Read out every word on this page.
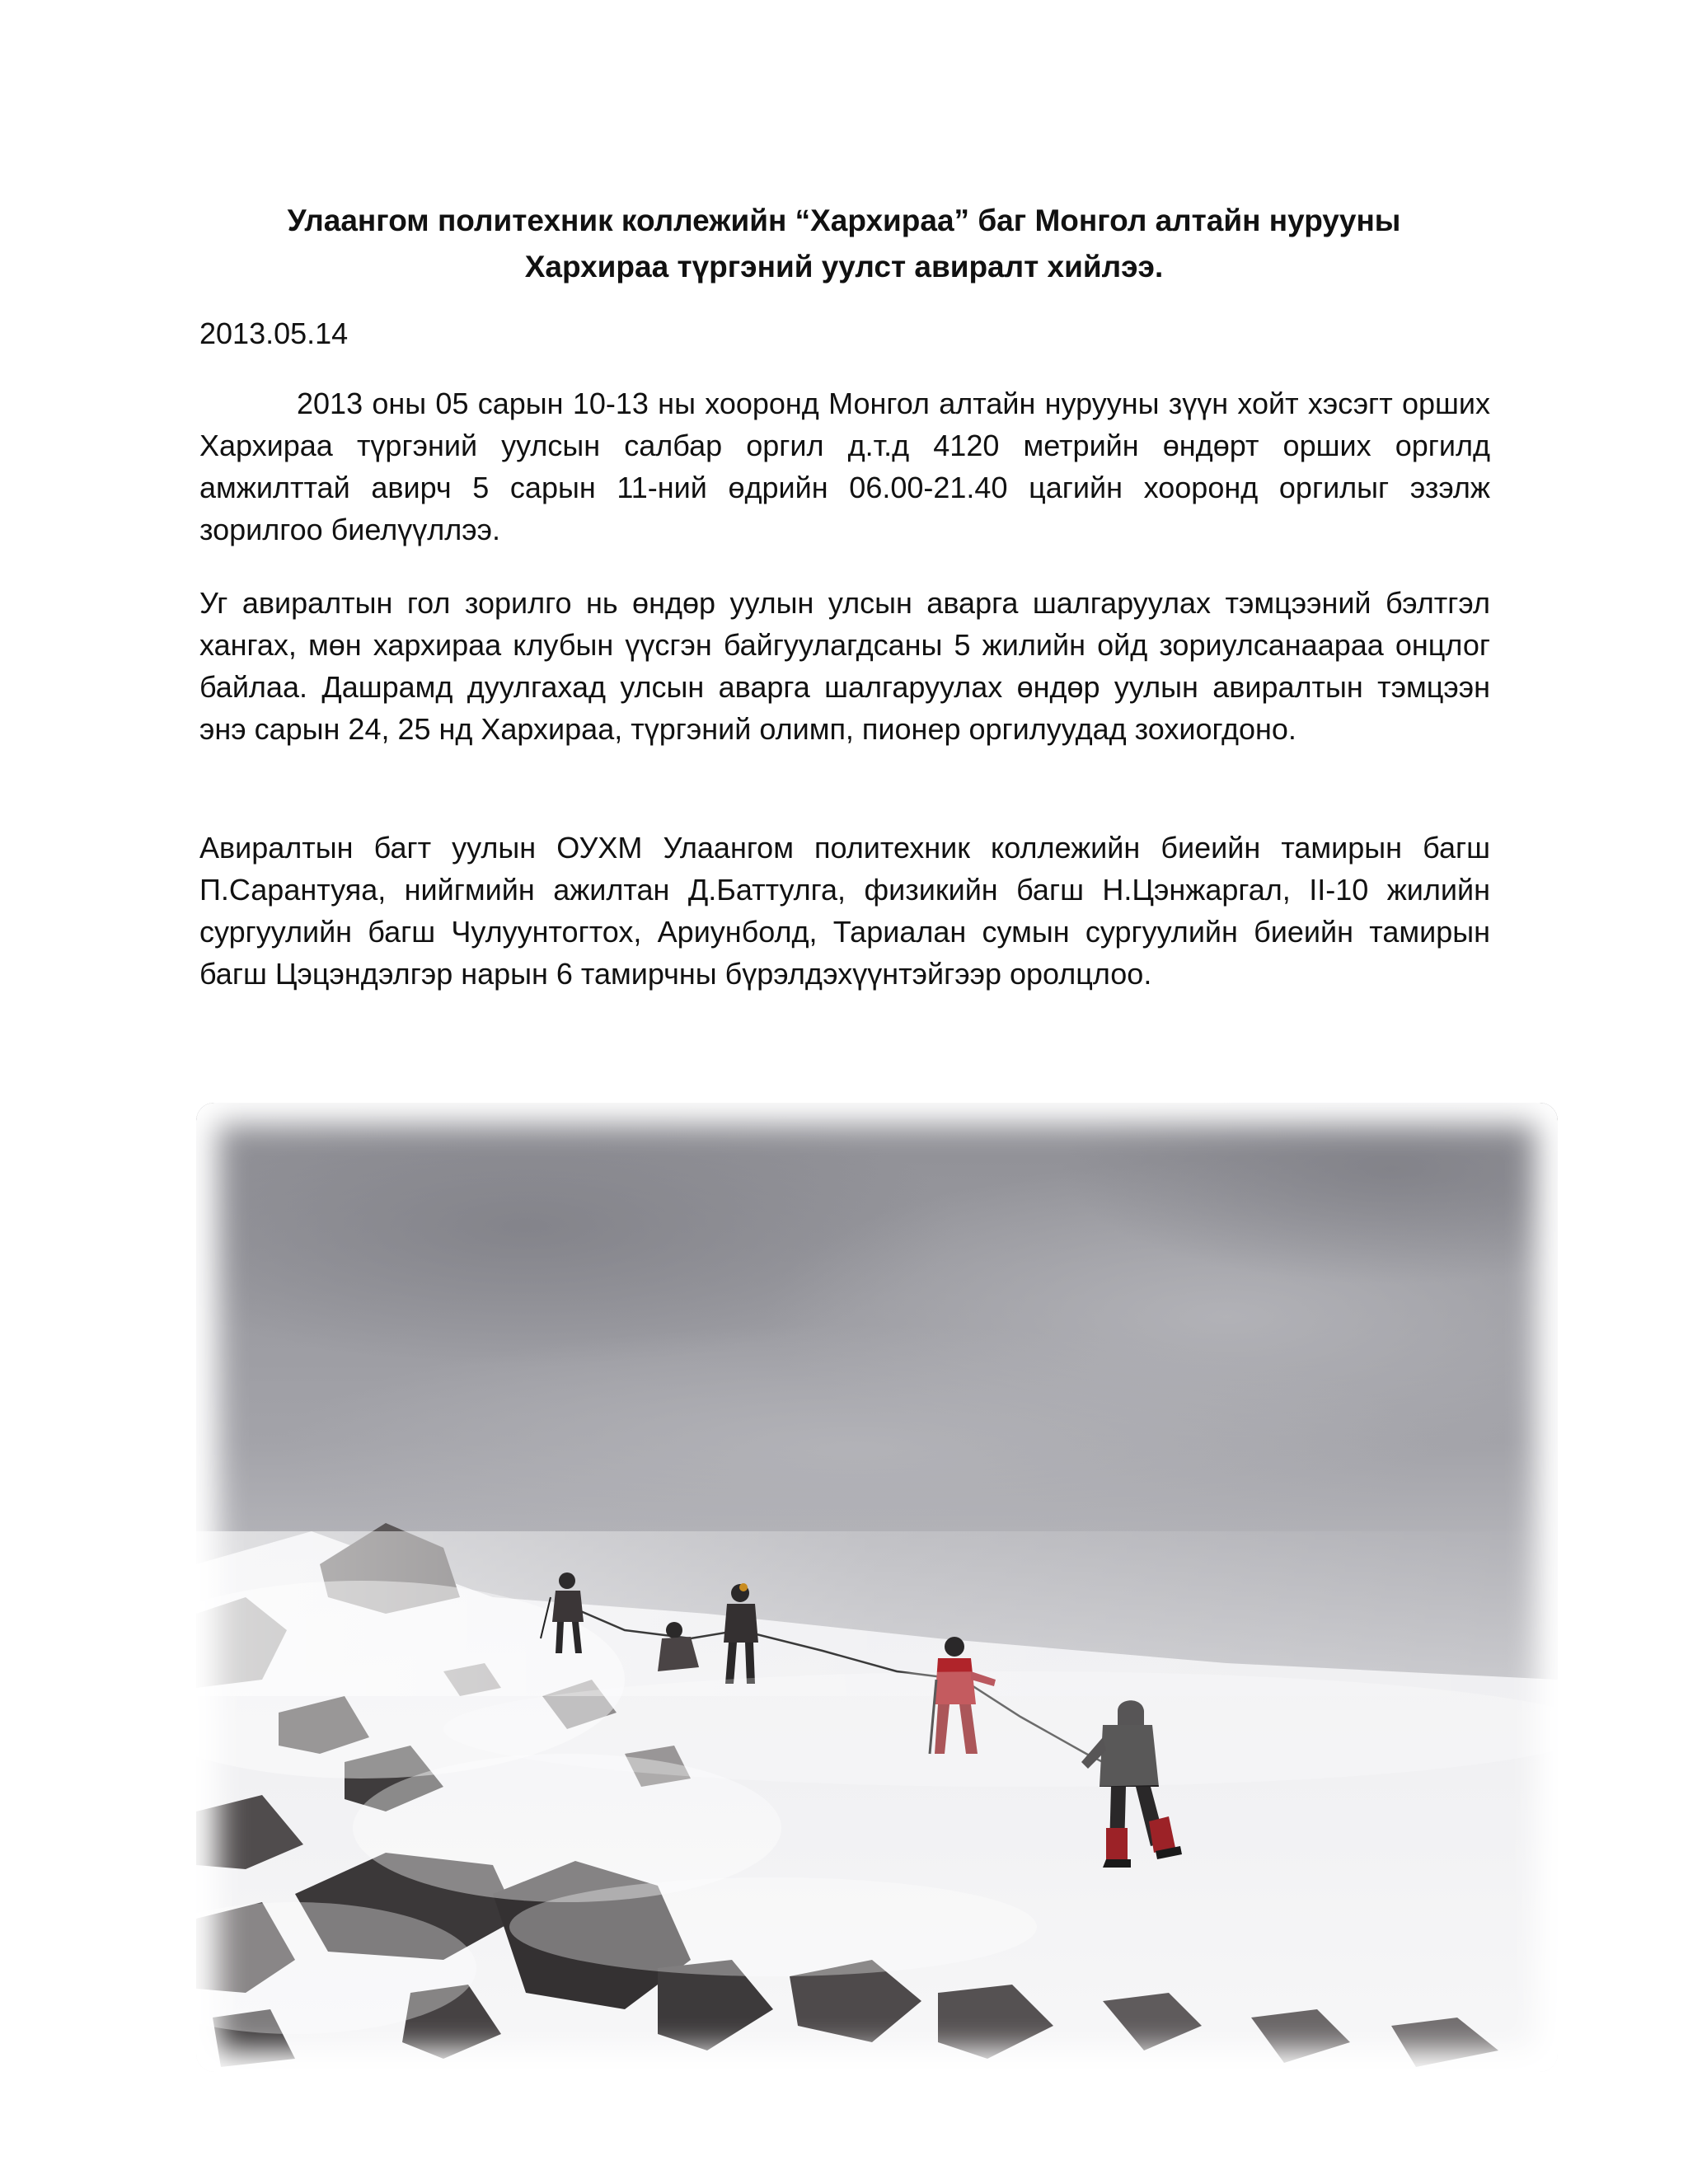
Улаангом политехник коллежийн “Хархираа” баг Монгол алтайн нурууны
Хархираа түргэний уулст авиралт хийлээ.
2013.05.14

2013 оны 05 сарын 10-13 ны хооронд Монгол алтайн нурууны зүүн хойт хэсэгт орших Хархираа түргэний уулсын салбар оргил д.т.д 4120 метрийн өндөрт орших оргилд амжилттай авирч 5 сарын 11-ний өдрийн 06.00-21.40 цагийн хооронд оргилыг эзэлж зорилгоо биелүүллээ.

Уг авиралтын гол зорилго нь өндөр уулын улсын аварга шалгаруулах тэмцээний бэлтгэл хангах, мөн хархираа клубын үүсгэн байгуулагдсаны 5 жилийн ойд зориулсанаараа онцлог байлаа. Дашрамд дуулгахад улсын аварга шалгаруулах өндөр уулын авиралтын тэмцээн энэ сарын 24, 25 нд Хархираа, түргэний олимп, пионер оргилуудад зохиогдоно.

Авиралтын багт уулын ОУХМ Улаангом политехник коллежийн биеийн тамирын багш П.Сарантуяа, нийгмийн ажилтан Д.Баттулга, физикийн багш Н.Цэнжаргал, II-10 жилийн сургуулийн багш Чулуунтогтох, Ариунболд, Тариалан сумын сургуулийн биеийн тамирын багш Цэцэндэлгэр нарын 6 тамирчны бүрэлдэхүүнтэйгээр оролцлоо.
